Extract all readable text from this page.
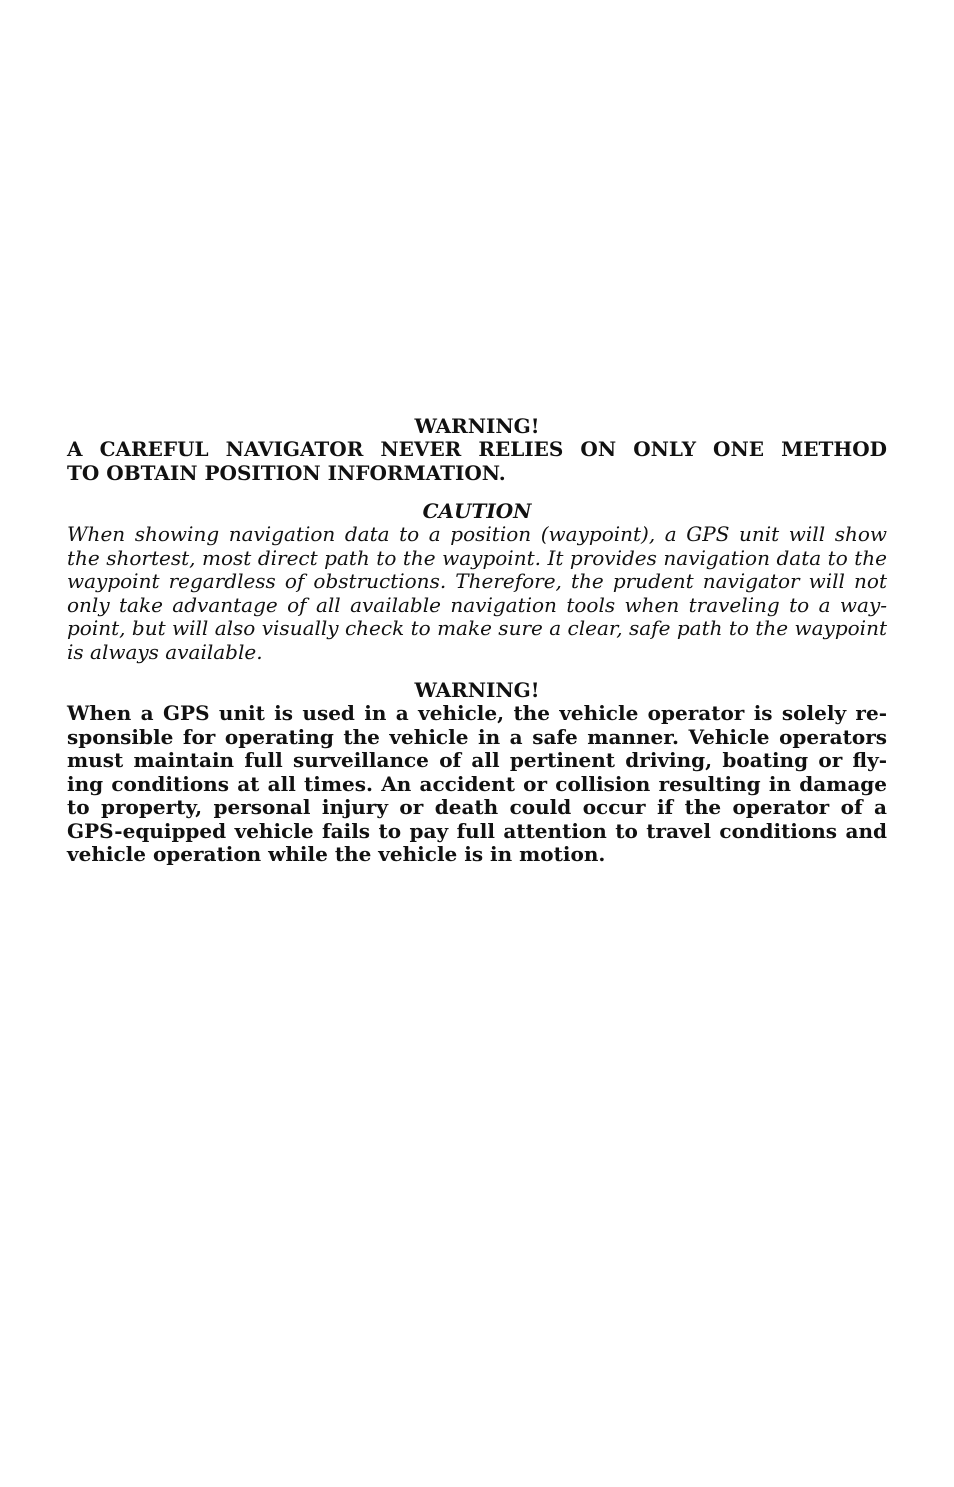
WARNING!
A CAREFUL NAVIGATOR NEVER RELIES ON ONLY ONE METHOD
TO OBTAIN POSITION INFORMATION.
CAUTION
When showing navigation data to a position (waypoint), a GPS unit will show
the shortest, most direct path to the waypoint. It provides navigation data to the
waypoint regardless of obstructions. Therefore, the prudent navigator will not
only take advantage of all available navigation tools when traveling to a way-
point, but will also visually check to make sure a clear, safe path to the waypoint
is always available.
WARNING!
When a GPS unit is used in a vehicle, the vehicle operator is solely re-
sponsible for operating the vehicle in a safe manner. Vehicle operators
must maintain full surveillance of all pertinent driving, boating or fly-
ing conditions at all times. An accident or collision resulting in damage
to property, personal injury or death could occur if the operator of a
GPS-equipped vehicle fails to pay full attention to travel conditions and
vehicle operation while the vehicle is in motion.
